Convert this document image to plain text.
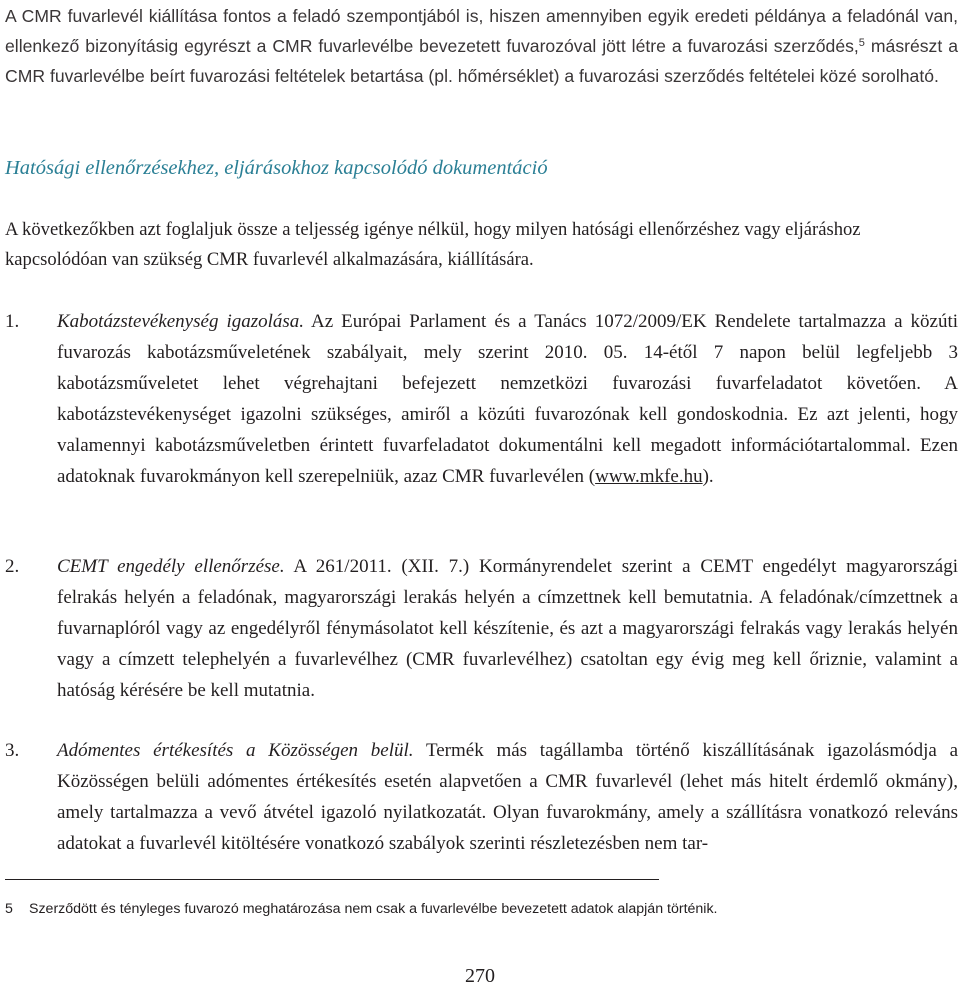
A CMR fuvarlevél kiállítása fontos a feladó szempontjából is, hiszen amennyiben egyik eredeti példánya a feladónál van, ellenkező bizonyításig egyrészt a CMR fuvarlevélbe bevezetett fuvarozóval jött létre a fuvarozási szerződés,$^5$ másrészt a CMR fuvarlevélbe beírt fuvarozási feltételek betartása (pl. hőmérséklet) a fuvarozási szerződés feltételei közé sorolható.

Hatósági ellenőrzésekhez, eljárásokhoz kapcsolódó dokumentáció

A következőkben azt foglaljuk össze a teljesség igénye nélkül, hogy milyen hatósági ellenőrzéshez vagy eljáráshoz kapcsolódóan van szükség CMR fuvarlevél alkalmazására, kiállítására.

1. Kabotázstevékenység igazolása. Az Európai Parlament és a Tanács 1072/2009/EK Rendelete tartalmazza a közúti fuvarozás kabotázsműveletének szabályait, mely szerint 2010. 05. 14-étől 7 napon belül legfeljebb 3 kabotázsműveletet lehet végrehajtani befejezett nemzetközi fuvarozási fuvarfeladatot követően. A kabotázstevékenységet igazolni szükséges, amiről a közúti fuvarozónak kell gondoskodnia. Ez azt jelenti, hogy valamennyi kabotázsműveletben érintett fuvarfeladatot dokumentálni kell megadott információtartalommal. Ezen adatoknak fuvarokmányon kell szerepelniük, azaz CMR fuvarlevélen (www.mkfe.hu).
2. CEMT engedély ellenőrzése. A 261/2011. (XII. 7.) Kormányrendelet szerint a CEMT engedélyt magyarországi felrakás helyén a feladónak, magyarországi lerakás helyén a címzettnek kell bemutatnia. A feladónak/címzettnek a fuvarnaplóról vagy az engedélyről fénymásolatot kell készítenie, és azt a magyarországi felrakás vagy lerakás helyén vagy a címzett telephelyén a fuvarlevélhez (CMR fuvarlevélhez) csatoltan egy évig meg kell őriznie, valamint a hatóság kérésére be kell mutatnia.
3. Adómentes értékesítés a Közösségen belül. Termék más tagállamba történő kiszállításának igazolásmódja a Közösségen belüli adómentes értékesítés esetén alapvetően a CMR fuvarlevél (lehet más hitelt érdemlő okmány), amely tartalmazza a vevő átvétel igazoló nyilatkozatát. Olyan fuvarokmány, amely a szállításra vonatkozó releváns adatokat a fuvarlevél kitöltésére vonatkozó szabályok szerinti részletezésben nem tar-

5 Szerződött és tényleges fuvarozó meghatározása nem csak a fuvarlevélbe bevezetett adatok alapján történik.

270
